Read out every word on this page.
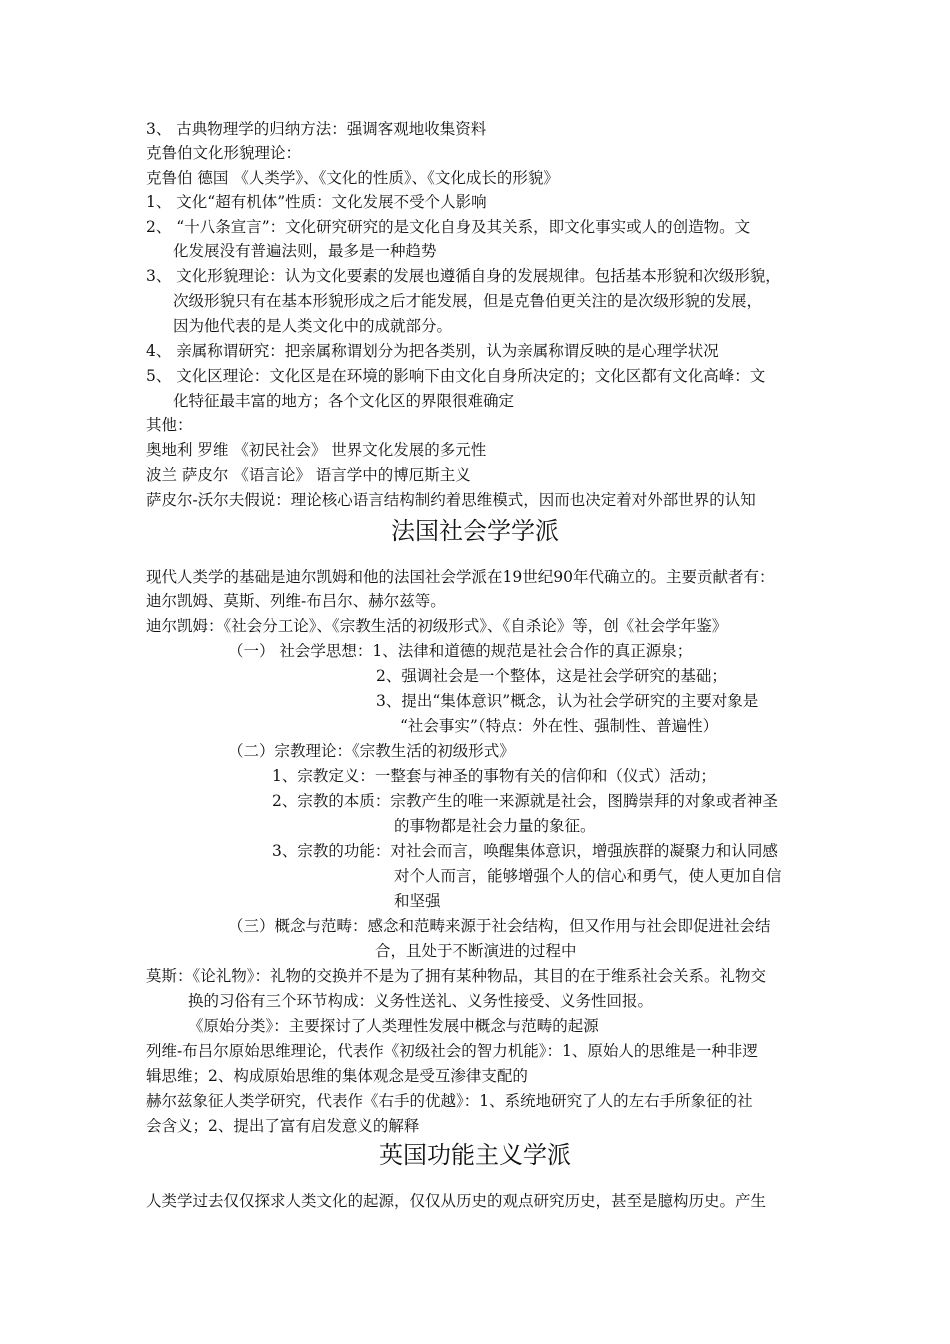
3、 古典物理学的归纳方法：强调客观地收集资料
克鲁伯文化形貌理论：
克鲁伯 德国 《人类学》、《文化的性质》、《文化成长的形貌》
1、 文化“超有机体”性质：文化发展不受个人影响
2、 “十八条宣言”：文化研究研究的是文化自身及其关系，即文化事实或人的创造物。文
化发展没有普遍法则，最多是一种趋势
3、 文化形貌理论：认为文化要素的发展也遵循自身的发展规律。包括基本形貌和次级形貌，
次级形貌只有在基本形貌形成之后才能发展，但是克鲁伯更关注的是次级形貌的发展，
因为他代表的是人类文化中的成就部分。
4、 亲属称谓研究：把亲属称谓划分为把各类别，认为亲属称谓反映的是心理学状况
5、 文化区理论：文化区是在环境的影响下由文化自身所决定的；文化区都有文化高峰：文
化特征最丰富的地方；各个文化区的界限很难确定
其他：
奥地利 罗维 《初民社会》 世界文化发展的多元性
波兰 萨皮尔 《语言论》 语言学中的博厄斯主义
萨皮尔-沃尔夫假说：理论核心语言结构制约着思维模式，因而也决定着对外部世界的认知
法国社会学学派
现代人类学的基础是迪尔凯姆和他的法国社会学派在19世纪90年代确立的。主要贡献者有：
迪尔凯姆、莫斯、列维-布吕尔、赫尔兹等。
迪尔凯姆：《社会分工论》、《宗教生活的初级形式》、《自杀论》等，创《社会学年鉴》
（一） 社会学思想：1、法律和道德的规范是社会合作的真正源泉；
2、强调社会是一个整体，这是社会学研究的基础；
3、提出“集体意识”概念，认为社会学研究的主要对象是
“社会事实”（特点：外在性、强制性、普遍性）
（二）宗教理论：《宗教生活的初级形式》
1、宗教定义：一整套与神圣的事物有关的信仰和（仪式）活动；
2、宗教的本质：宗教产生的唯一来源就是社会，图腾崇拜的对象或者神圣
的事物都是社会力量的象征。
3、宗教的功能：对社会而言，唤醒集体意识，增强族群的凝聚力和认同感
对个人而言，能够增强个人的信心和勇气，使人更加自信
和坚强
（三）概念与范畴：感念和范畴来源于社会结构，但又作用与社会即促进社会结
合，且处于不断演进的过程中
莫斯：《论礼物》：礼物的交换并不是为了拥有某种物品，其目的在于维系社会关系。礼物交
换的习俗有三个环节构成：义务性送礼、义务性接受、义务性回报。
《原始分类》：主要探讨了人类理性发展中概念与范畴的起源
列维-布吕尔原始思维理论，代表作《初级社会的智力机能》：1、原始人的思维是一种非逻
辑思维；2、构成原始思维的集体观念是受互渗律支配的
赫尔兹象征人类学研究，代表作《右手的优越》：1、系统地研究了人的左右手所象征的社
会含义；2、提出了富有启发意义的解释
英国功能主义学派
人类学过去仅仅探求人类文化的起源，仅仅从历史的观点研究历史，甚至是臆构历史。产生
